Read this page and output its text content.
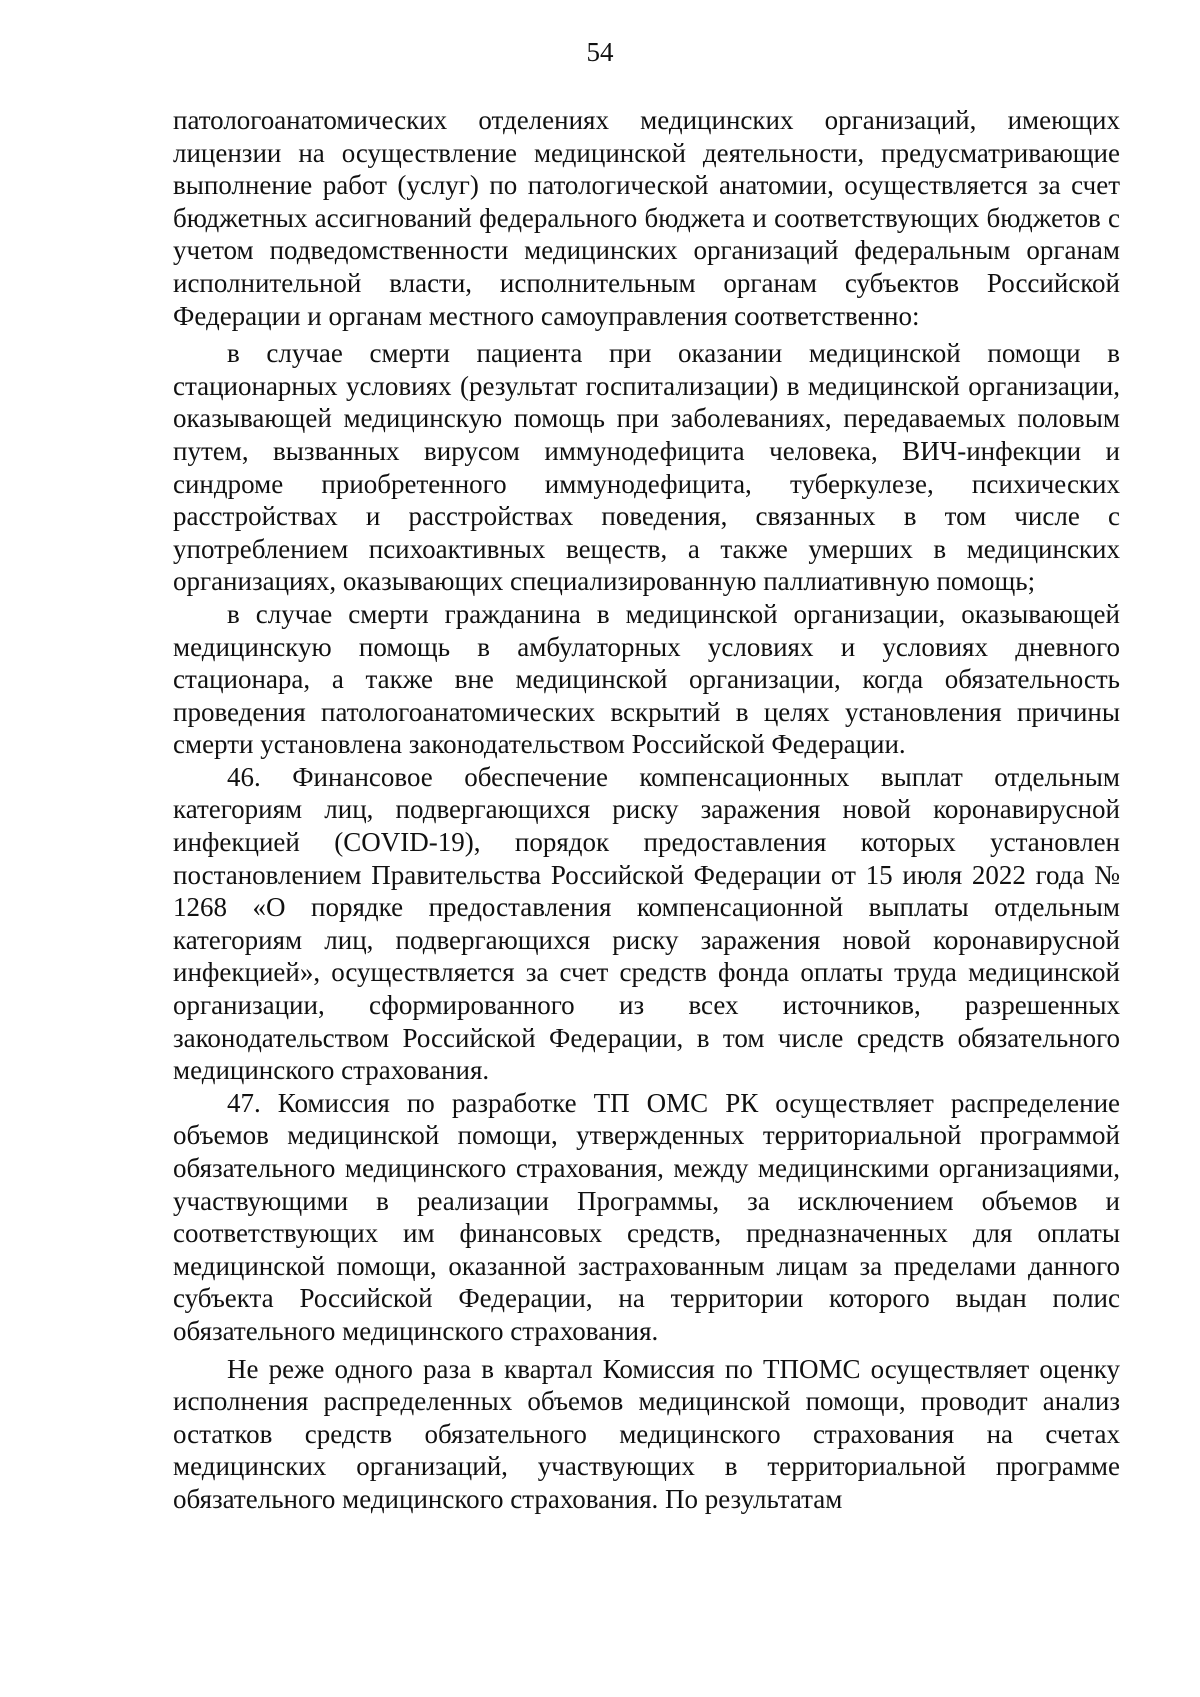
54

патологоанатомических отделениях медицинских организаций, имеющих лицензии на осуществление медицинской деятельности, предусматривающие выполнение работ (услуг) по патологической анатомии, осуществляется за счет бюджетных ассигнований федерального бюджета и соответствующих бюджетов с учетом подведомственности медицинских организаций федеральным органам исполнительной власти, исполнительным органам субъектов Российской Федерации и органам местного самоуправления соответственно:

в случае смерти пациента при оказании медицинской помощи в стационарных условиях (результат госпитализации) в медицинской организации, оказывающей медицинскую помощь при заболеваниях, передаваемых половым путем, вызванных вирусом иммунодефицита человека, ВИЧ-инфекции и синдроме приобретенного иммунодефицита, туберкулезе, психических расстройствах и расстройствах поведения, связанных в том числе с употреблением психоактивных веществ, а также умерших в медицинских организациях, оказывающих специализированную паллиативную помощь;

в случае смерти гражданина в медицинской организации, оказывающей медицинскую помощь в амбулаторных условиях и условиях дневного стационара, а также вне медицинской организации, когда обязательность проведения патологоанатомических вскрытий в целях установления причины смерти установлена законодательством Российской Федерации.

46. Финансовое обеспечение компенсационных выплат отдельным категориям лиц, подвергающихся риску заражения новой коронавирусной инфекцией (COVID-19), порядок предоставления которых установлен постановлением Правительства Российской Федерации от 15 июля 2022 года № 1268 «О порядке предоставления компенсационной выплаты отдельным категориям лиц, подвергающихся риску заражения новой коронавирусной инфекцией», осуществляется за счет средств фонда оплаты труда медицинской организации, сформированного из всех источников, разрешенных законодательством Российской Федерации, в том числе средств обязательного медицинского страхования.

47. Комиссия по разработке ТП ОМС РК осуществляет распределение объемов медицинской помощи, утвержденных территориальной программой обязательного медицинского страхования, между медицинскими организациями, участвующими в реализации Программы, за исключением объемов и соответствующих им финансовых средств, предназначенных для оплаты медицинской помощи, оказанной застрахованным лицам за пределами данного субъекта Российской Федерации, на территории которого выдан полис обязательного медицинского страхования.

Не реже одного раза в квартал Комиссия по ТПОМС осуществляет оценку исполнения распределенных объемов медицинской помощи, проводит анализ остатков средств обязательного медицинского страхования на счетах медицинских организаций, участвующих в территориальной программе обязательного медицинского страхования. По результатам
